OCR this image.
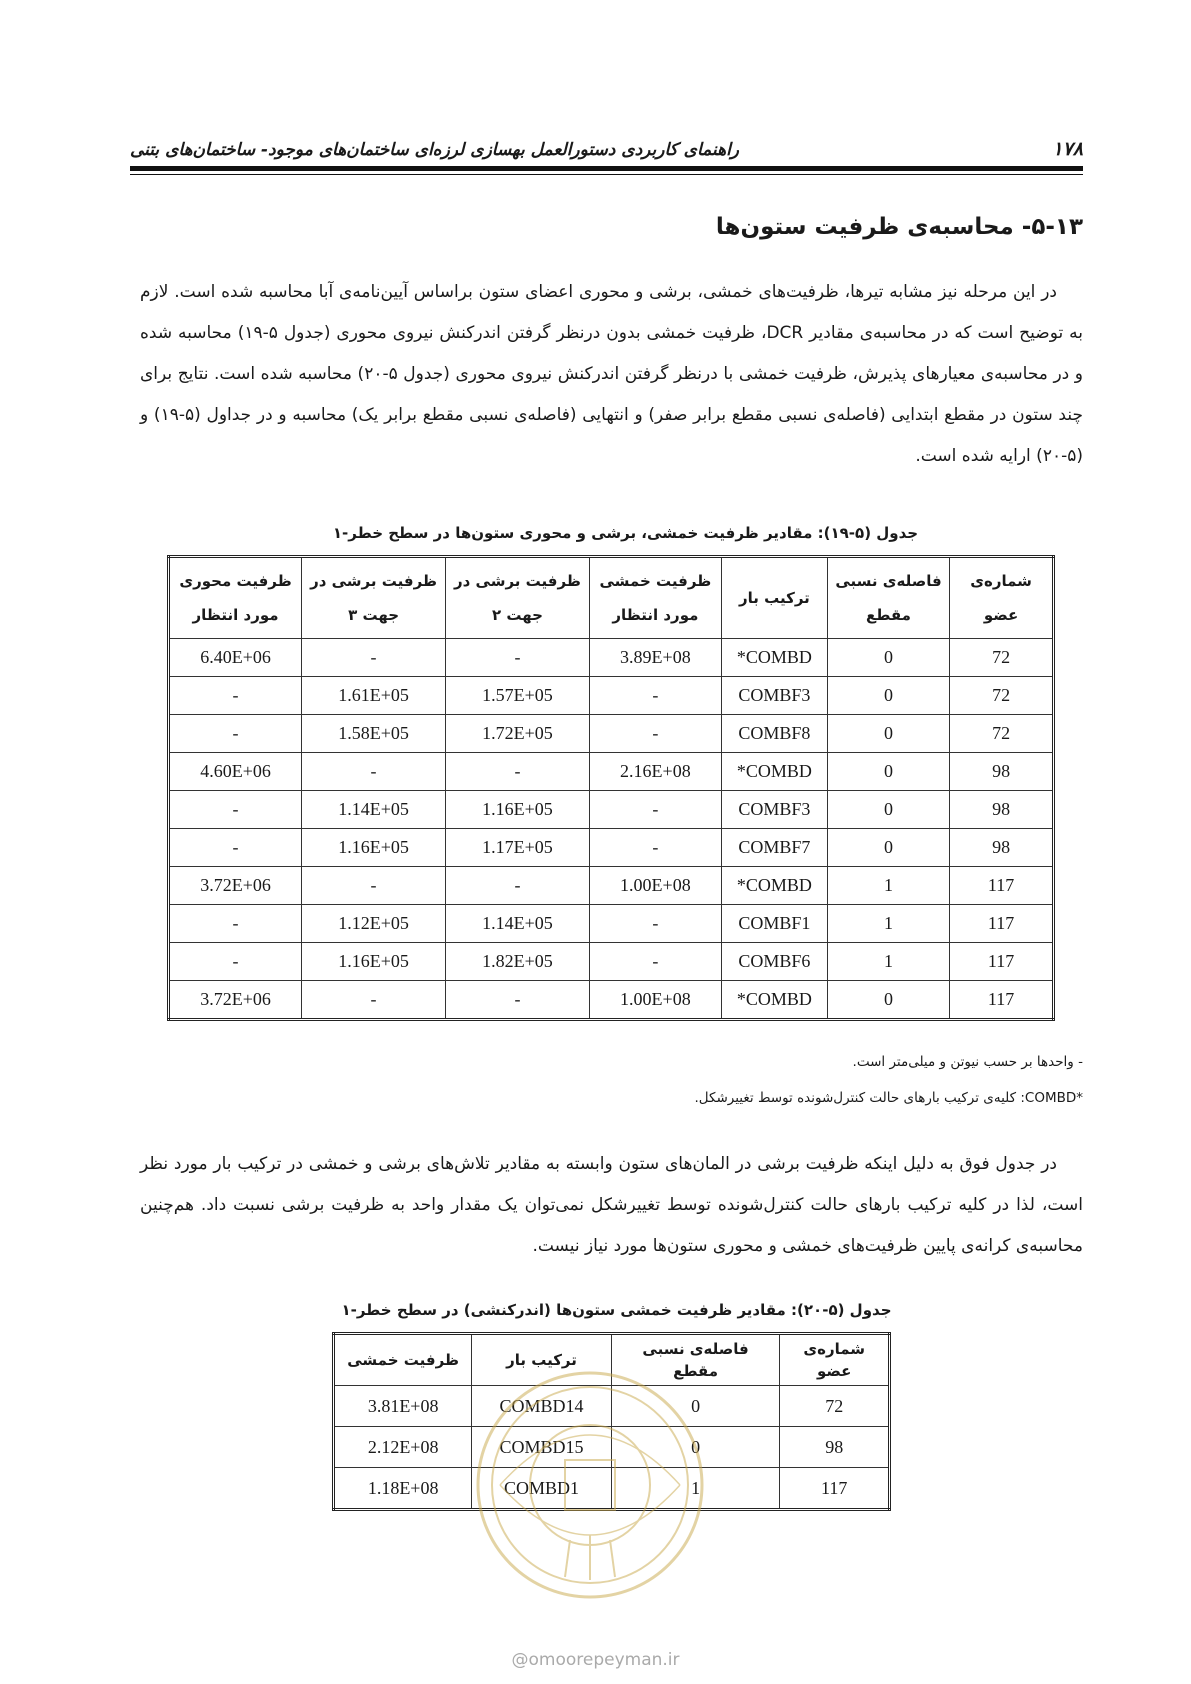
۱۷۸
راهنمای کاربردی دستورالعمل بهسازی لرزه‌ای ساختمان‌های موجود- ساختمان‌های بتنی
۵-۱۳- محاسبه‌ی ظرفیت ستون‌ها

در این مرحله نیز مشابه تیرها، ظرفیت‌های خمشی، برشی و محوری اعضای ستون براساس آیین‌نامه‌ی آبا محاسبه شده است. لازم به توضیح است که در محاسبه‌ی مقادیر DCR، ظرفیت خمشی بدون درنظر گرفتن اندرکنش نیروی محوری (جدول ۵-۱۹) محاسبه شده و در محاسبه‌ی معیارهای پذیرش، ظرفیت خمشی با درنظر گرفتن اندرکنش نیروی محوری (جدول ۵-۲۰) محاسبه شده است. نتایج برای چند ستون در مقطع ابتدایی (فاصله‌ی نسبی مقطع برابر صفر) و انتهایی (فاصله‌ی نسبی مقطع برابر یک) محاسبه و در جداول (۵-۱۹) و (۵-۲۰) ارایه شده است.

جدول (۵-۱۹): مقادیر ظرفیت خمشی، برشی و محوری ستون‌ها در سطح خطر-۱
شماره‌ی عضو	فاصله‌ی نسبی مقطع	ترکیب بار	ظرفیت خمشی مورد انتظار	ظرفیت برشی در جهت ۲	ظرفیت برشی در جهت ۳	ظرفیت محوری مورد انتظار
72	0	COMBD*	3.89E+08	-	-	6.40E+06
72	0	COMBF3	-	1.57E+05	1.61E+05	-
72	0	COMBF8	-	1.72E+05	1.58E+05	-
98	0	COMBD*	2.16E+08	-	-	4.60E+06
98	0	COMBF3	-	1.16E+05	1.14E+05	-
98	0	COMBF7	-	1.17E+05	1.16E+05	-
117	1	COMBD*	1.00E+08	-	-	3.72E+06
117	1	COMBF1	-	1.14E+05	1.12E+05	-
117	1	COMBF6	-	1.82E+05	1.16E+05	-
117	0	COMBD*	1.00E+08	-	-	3.72E+06
- واحدها بر حسب نیوتن و میلی‌متر است.
*COMBD: کلیه‌ی ترکیب بارهای حالت کنترل‌شونده توسط تغییرشکل.

در جدول فوق به دلیل اینکه ظرفیت برشی در المان‌های ستون وابسته به مقادیر تلاش‌های برشی و خمشی در ترکیب بار مورد نظر است، لذا در کلیه ترکیب بارهای حالت کنترل‌شونده توسط تغییرشکل نمی‌توان یک مقدار واحد به ظرفیت برشی نسبت داد. هم‌چنین محاسبه‌ی کرانه‌ی پایین ظرفیت‌های خمشی و محوری ستون‌ها مورد نیاز نیست.

جدول (۵-۲۰): مقادیر ظرفیت خمشی ستون‌ها (اندرکنشی) در سطح خطر-۱
شماره‌ی عضو	فاصله‌ی نسبی مقطع	ترکیب بار	ظرفیت خمشی
72	0	COMBD14	3.81E+08
98	0	COMBD15	2.12E+08
117	1	COMBD1	1.18E+08
@omoorepeyman.ir
